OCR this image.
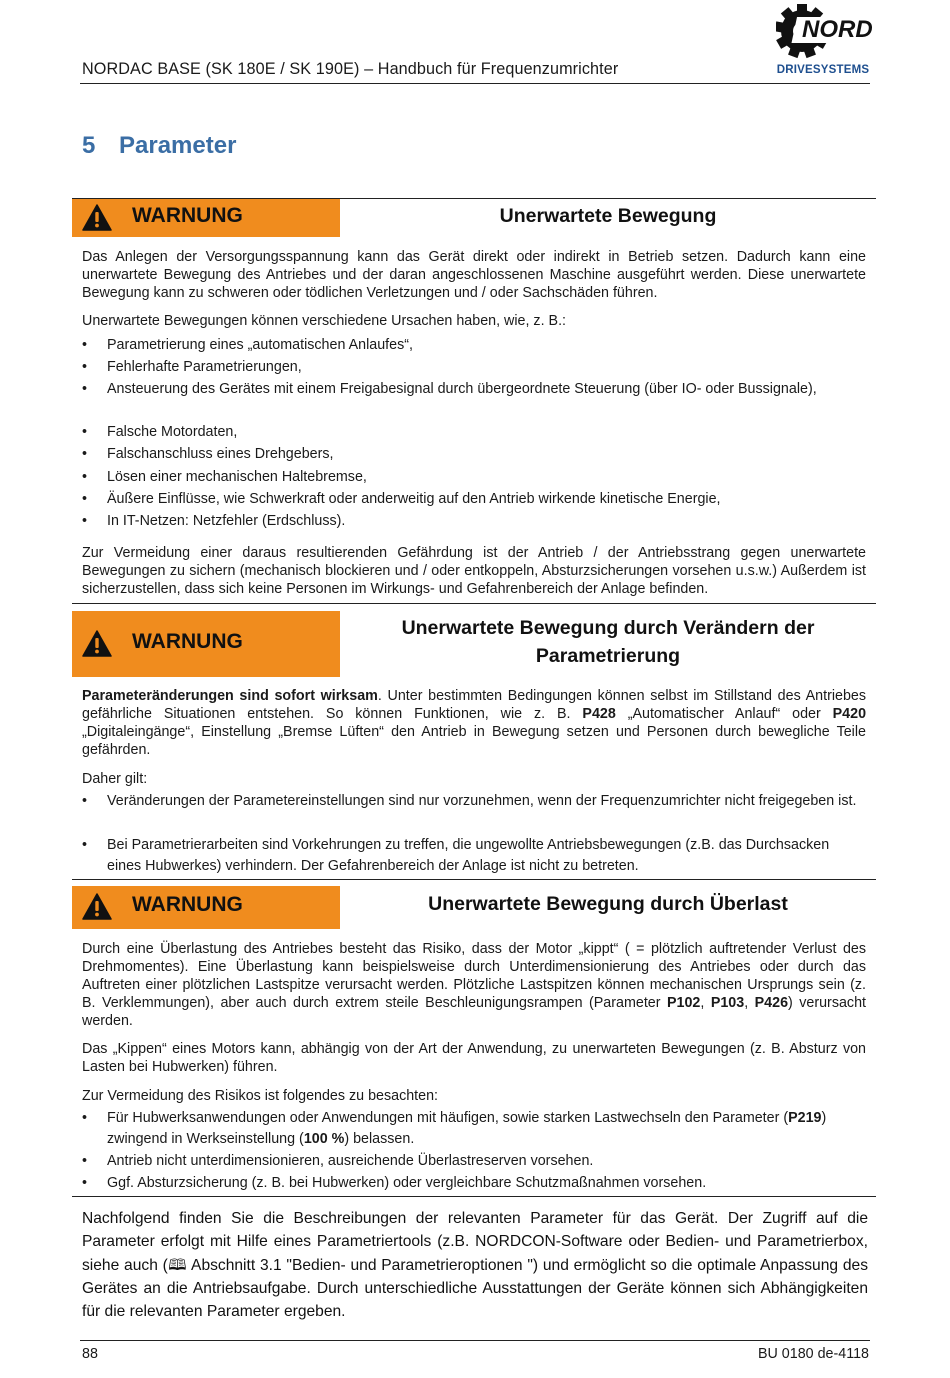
NORDAC BASE (SK 180E / SK 190E) – Handbuch für Frequenzumrichter
NORD
DRIVESYSTEMS
5 Parameter
WARNUNG	Unerwartete Bewegung
Das Anlegen der Versorgungsspannung kann das Gerät direkt oder indirekt in Betrieb setzen. Dadurch kann eine unerwartete Bewegung des Antriebes und der daran angeschlossenen Maschine ausgeführt werden. Diese unerwartete Bewegung kann zu schweren oder tödlichen Verletzungen und / oder Sachschäden führen.
Unerwartete Bewegungen können verschiedene Ursachen haben, wie, z. B.:
• Parametrierung eines „automatischen Anlaufes“,
• Fehlerhafte Parametrierungen,
• Ansteuerung des Gerätes mit einem Freigabesignal durch übergeordnete Steuerung (über IO- oder Bussignale),
• Falsche Motordaten,
• Falschanschluss eines Drehgebers,
• Lösen einer mechanischen Haltebremse,
• Äußere Einflüsse, wie Schwerkraft oder anderweitig auf den Antrieb wirkende kinetische Energie,
• In IT-Netzen: Netzfehler (Erdschluss).
Zur Vermeidung einer daraus resultierenden Gefährdung ist der Antrieb / der Antriebsstrang gegen unerwartete Bewegungen zu sichern (mechanisch blockieren und / oder entkoppeln, Absturzsicherungen vorsehen u.s.w.) Außerdem ist sicherzustellen, dass sich keine Personen im Wirkungs- und Gefahrenbereich der Anlage befinden.
WARNUNG
Unerwartete Bewegung durch Verändern der
Parametrierung
Parameteränderungen sind sofort wirksam. Unter bestimmten Bedingungen können selbst im Stillstand des Antriebes gefährliche Situationen entstehen. So können Funktionen, wie z. B. P428 „Automatischer Anlauf“ oder P420 „Digitaleingänge“, Einstellung „Bremse Lüften“ den Antrieb in Bewegung setzen und Personen durch bewegliche Teile gefährden.
Daher gilt:
• Veränderungen der Parametereinstellungen sind nur vorzunehmen, wenn der Frequenzumrichter nicht freigegeben ist.
• Bei Parametrierarbeiten sind Vorkehrungen zu treffen, die ungewollte Antriebsbewegungen (z.B. das Durchsacken eines Hubwerkes) verhindern. Der Gefahrenbereich der Anlage ist nicht zu betreten.
WARNUNG	Unerwartete Bewegung durch Überlast
Durch eine Überlastung des Antriebes besteht das Risiko, dass der Motor „kippt“ ( = plötzlich auftretender Verlust des Drehmomentes). Eine Überlastung kann beispielsweise durch Unterdimensionierung des Antriebes oder durch das Auftreten einer plötzlichen Lastspitze verursacht werden. Plötzliche Lastspitzen können mechanischen Ursprungs sein (z. B. Verklemmungen), aber auch durch extrem steile Beschleunigungsrampen (Parameter P102, P103, P426) verursacht werden.
Das „Kippen“ eines Motors kann, abhängig von der Art der Anwendung, zu unerwarteten Bewegungen (z. B. Absturz von Lasten bei Hubwerken) führen.
Zur Vermeidung des Risikos ist folgendes zu besachten:
• Für Hubwerksanwendungen oder Anwendungen mit häufigen, sowie starken Lastwechseln den Parameter (P219) zwingend in Werkseinstellung (100 %) belassen.
• Antrieb nicht unterdimensionieren, ausreichende Überlastreserven vorsehen.
• Ggf. Absturzsicherung (z. B. bei Hubwerken) oder vergleichbare Schutzmaßnahmen vorsehen.
Nachfolgend finden Sie die Beschreibungen der relevanten Parameter für das Gerät. Der Zugriff auf die Parameter erfolgt mit Hilfe eines Parametriertools (z.B. NORDCON-Software oder Bedien- und Parametrierbox, siehe auch (🕮 Abschnitt 3.1 "Bedien- und Parametrieroptionen ") und ermöglicht so die optimale Anpassung des Gerätes an die Antriebsaufgabe. Durch unterschiedliche Ausstattungen der Geräte können sich Abhängigkeiten für die relevanten Parameter ergeben.
88	BU 0180 de-4118
